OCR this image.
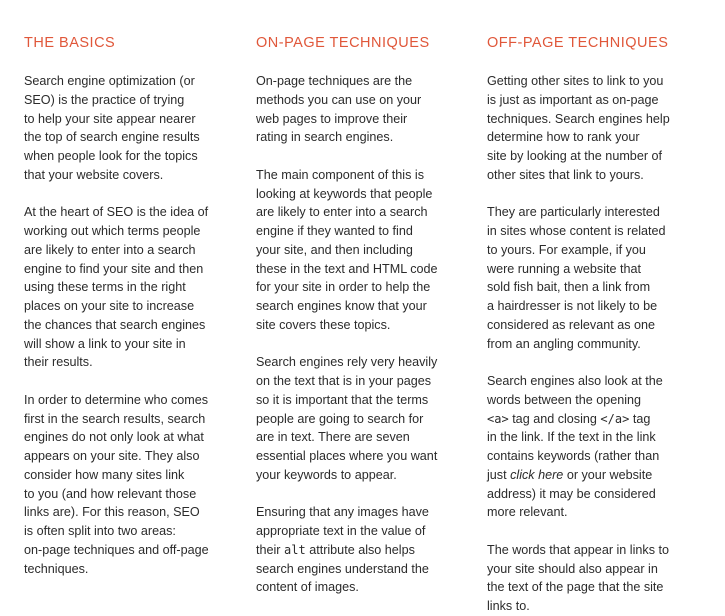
THE BASICS

Search engine optimization (or
SEO) is the practice of trying
to help your site appear nearer
the top of search engine results
when people look for the topics
that your website covers.

At the heart of SEO is the idea of
working out which terms people
are likely to enter into a search
engine to find your site and then
using these terms in the right
places on your site to increase
the chances that search engines
will show a link to your site in
their results.

In order to determine who comes
first in the search results, search
engines do not only look at what
appears on your site. They also
consider how many sites link
to you (and how relevant those
links are). For this reason, SEO
is often split into two areas:
on-page techniques and off-page
techniques.

ON-PAGE TECHNIQUES

On-page techniques are the
methods you can use on your
web pages to improve their
rating in search engines.

The main component of this is
looking at keywords that people
are likely to enter into a search
engine if they wanted to find
your site, and then including
these in the text and HTML code
for your site in order to help the
search engines know that your
site covers these topics.

Search engines rely very heavily
on the text that is in your pages
so it is important that the terms
people are going to search for
are in text. There are seven
essential places where you want
your keywords to appear.

Ensuring that any images have
appropriate text in the value of
their alt attribute also helps
search engines understand the
content of images.

OFF-PAGE TECHNIQUES

Getting other sites to link to you
is just as important as on-page
techniques. Search engines help
determine how to rank your
site by looking at the number of
other sites that link to yours.

They are particularly interested
in sites whose content is related
to yours. For example, if you
were running a website that
sold fish bait, then a link from
a hairdresser is not likely to be
considered as relevant as one
from an angling community.

Search engines also look at the
words between the opening
<a> tag and closing </a> tag
in the link. If the text in the link
contains keywords (rather than
just click here or your website
address) it may be considered
more relevant.

The words that appear in links to
your site should also appear in
the text of the page that the site
links to.
